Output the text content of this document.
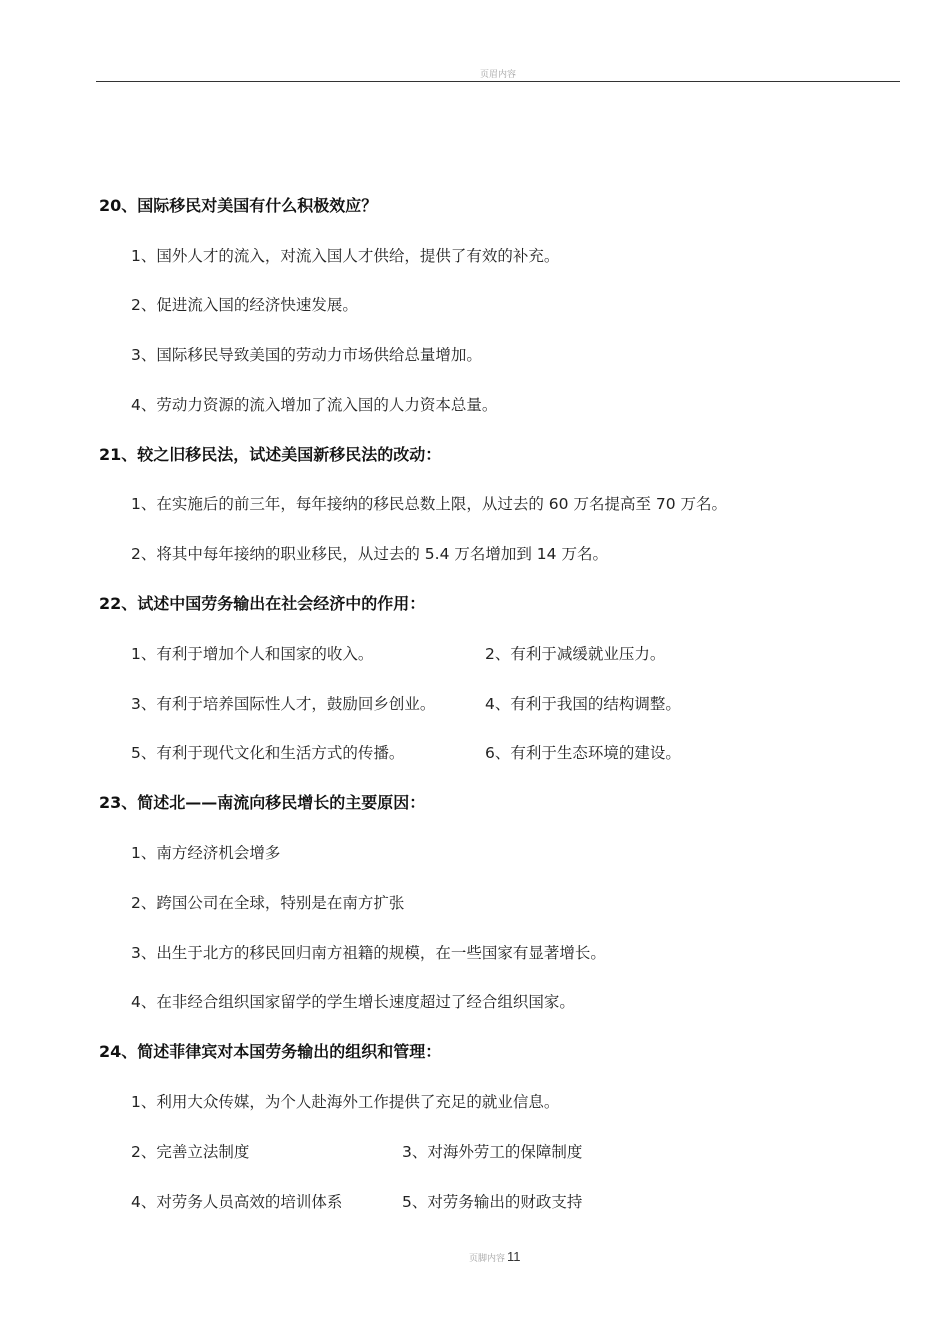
页眉内容
20、国际移民对美国有什么积极效应？
1、国外人才的流入，对流入国人才供给，提供了有效的补充。
2、促进流入国的经济快速发展。
3、国际移民导致美国的劳动力市场供给总量增加。
4、劳动力资源的流入增加了流入国的人力资本总量。
21、较之旧移民法，试述美国新移民法的改动：
1、在实施后的前三年，每年接纳的移民总数上限，从过去的 60 万名提高至 70 万名。
2、将其中每年接纳的职业移民，从过去的 5.4 万名增加到 14 万名。
22、试述中国劳务输出在社会经济中的作用：
1、有利于增加个人和国家的收入。	2、有利于减缓就业压力。
3、有利于培养国际性人才，鼓励回乡创业。	4、有利于我国的结构调整。
5、有利于现代文化和生活方式的传播。	6、有利于生态环境的建设。
23、简述北——南流向移民增长的主要原因：
1、南方经济机会增多
2、跨国公司在全球，特别是在南方扩张
3、出生于北方的移民回归南方祖籍的规模，在一些国家有显著增长。
4、在非经合组织国家留学的学生增长速度超过了经合组织国家。
24、简述菲律宾对本国劳务输出的组织和管理：
1、利用大众传媒，为个人赴海外工作提供了充足的就业信息。
2、完善立法制度	3、对海外劳工的保障制度
4、对劳务人员高效的培训体系	5、对劳务输出的财政支持
页脚内容 11
